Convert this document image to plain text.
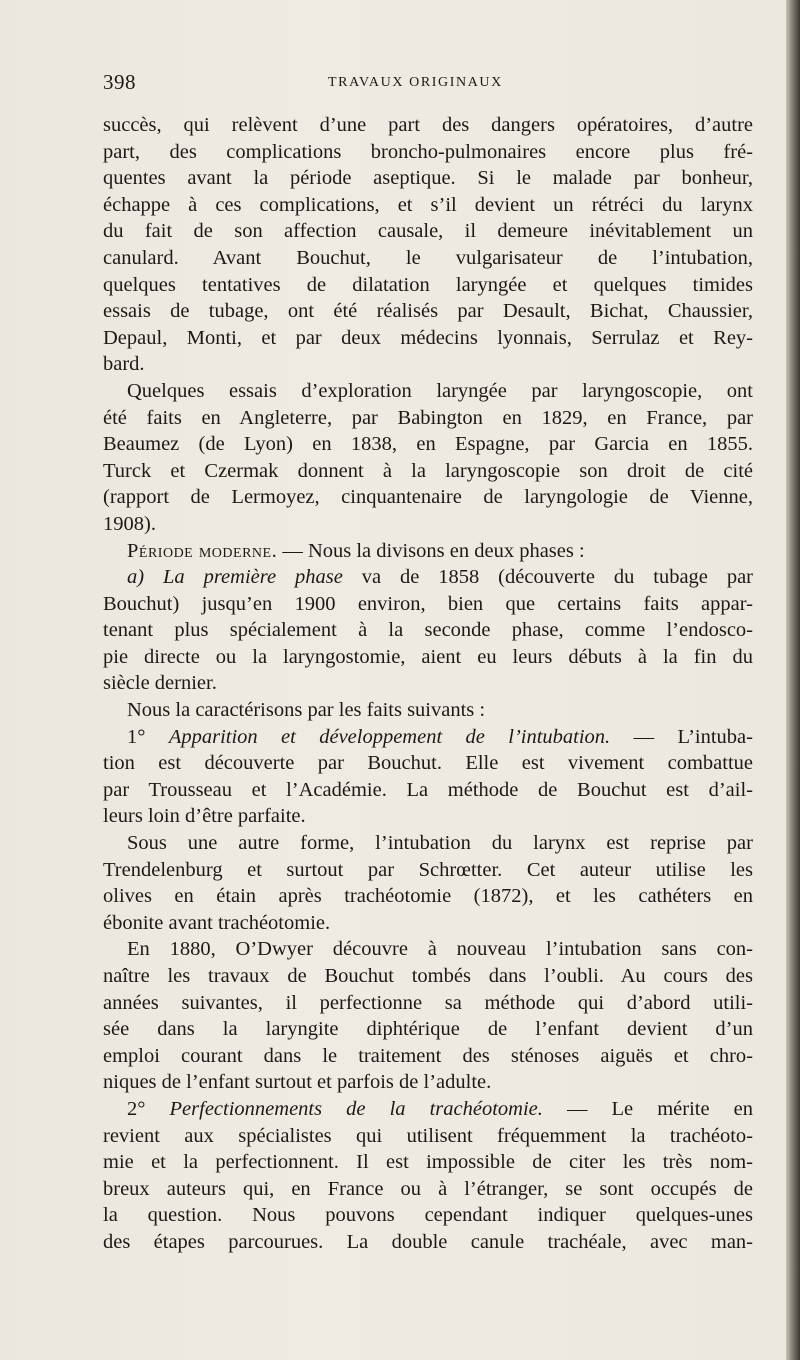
398	TRAVAUX ORIGINAUX
succès, qui relèvent d’une part des dangers opératoires, d’autre
part, des complications broncho-pulmonaires encore plus fré-
quentes avant la période aseptique. Si le malade par bonheur,
échappe à ces complications, et s’il devient un rétréci du larynx
du fait de son affection causale, il demeure inévitablement un
canulard. Avant Bouchut, le vulgarisateur de l’intubation,
quelques tentatives de dilatation laryngée et quelques timides
essais de tubage, ont été réalisés par Desault, Bichat, Chaussier,
Depaul, Monti, et par deux médecins lyonnais, Serrulaz et Rey-
bard.
Quelques essais d’exploration laryngée par laryngoscopie, ont
été faits en Angleterre, par Babington en 1829, en France, par
Beaumez (de Lyon) en 1838, en Espagne, par Garcia en 1855.
Turck et Czermak donnent à la laryngoscopie son droit de cité
(rapport de Lermoyez, cinquantenaire de laryngologie de Vienne,
1908).
Période moderne. — Nous la divisons en deux phases :
a) La première phase va de 1858 (découverte du tubage par
Bouchut) jusqu’en 1900 environ, bien que certains faits appar-
tenant plus spécialement à la seconde phase, comme l’endosco-
pie directe ou la laryngostomie, aient eu leurs débuts à la fin du
siècle dernier.
Nous la caractérisons par les faits suivants :
1° Apparition et développement de l’intubation. — L’intuba-
tion est découverte par Bouchut. Elle est vivement combattue
par Trousseau et l’Académie. La méthode de Bouchut est d’ail-
leurs loin d’être parfaite.
Sous une autre forme, l’intubation du larynx est reprise par
Trendelenburg et surtout par Schrœtter. Cet auteur utilise les
olives en étain après trachéotomie (1872), et les cathéters en
ébonite avant trachéotomie.
En 1880, O’Dwyer découvre à nouveau l’intubation sans con-
naître les travaux de Bouchut tombés dans l’oubli. Au cours des
années suivantes, il perfectionne sa méthode qui d’abord utili-
sée dans la laryngite diphtérique de l’enfant devient d’un
emploi courant dans le traitement des sténoses aiguës et chro-
niques de l’enfant surtout et parfois de l’adulte.
2° Perfectionnements de la trachéotomie. — Le mérite en
revient aux spécialistes qui utilisent fréquemment la trachéoto-
mie et la perfectionnent. Il est impossible de citer les très nom-
breux auteurs qui, en France ou à l’étranger, se sont occupés de
la question. Nous pouvons cependant indiquer quelques-unes
des étapes parcourues. La double canule trachéale, avec man-
